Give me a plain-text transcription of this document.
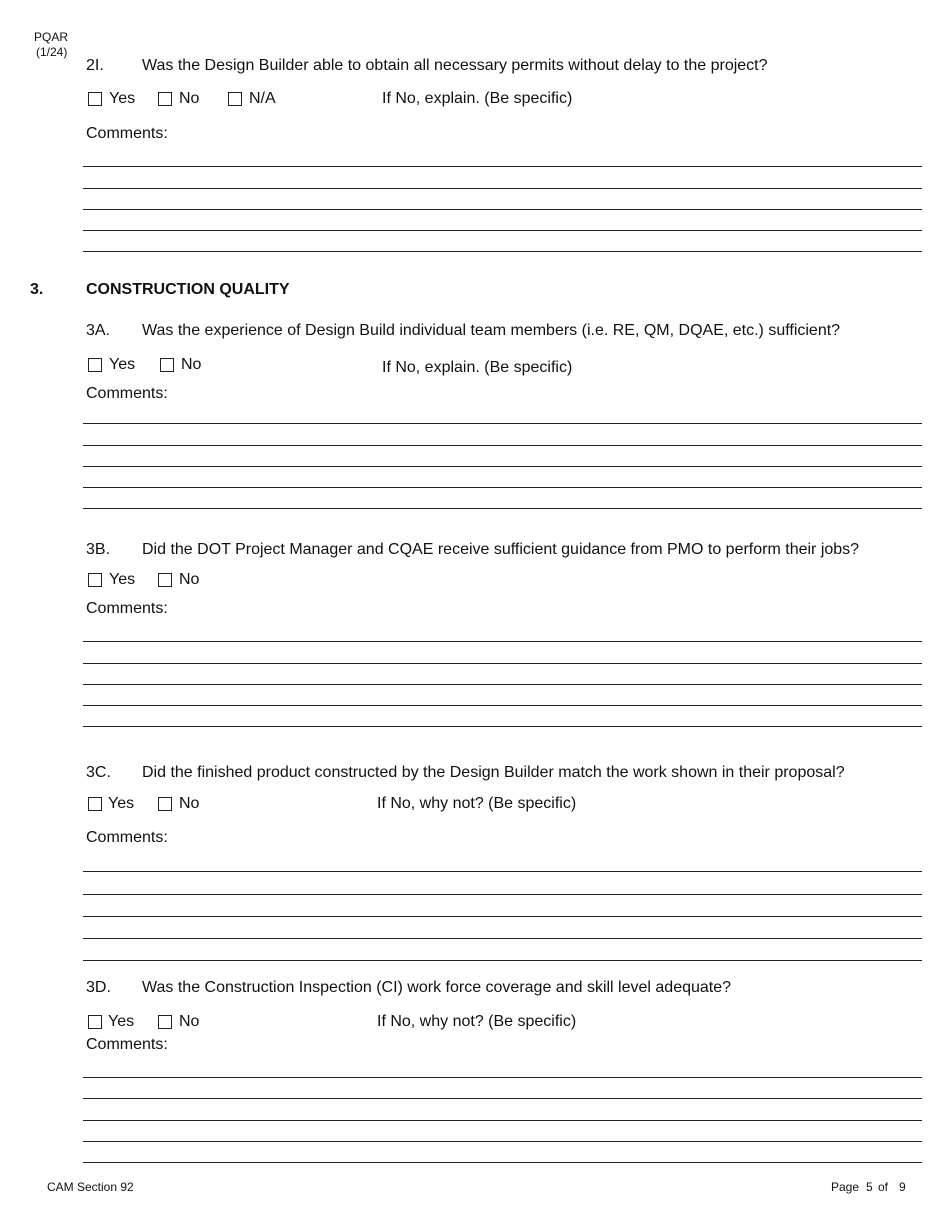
PQAR
(1/24)
2I. Was the Design Builder able to obtain all necessary permits without delay to the project?
Yes	No	N/A	If No, explain. (Be specific)
Comments:
3.	CONSTRUCTION QUALITY
3A. Was the experience of Design Build individual team members (i.e. RE, QM, DQAE, etc.) sufficient?
Yes	No	If No, explain. (Be specific)
Comments:
3B. Did the DOT Project Manager and CQAE receive sufficient guidance from PMO to perform their jobs?
Yes	No
Comments:
3C. Did the finished product constructed by the Design Builder match the work shown in their proposal?
Yes	No	If No, why not? (Be specific)
Comments:
3D. Was the Construction Inspection (CI) work force coverage and skill level adequate?
Yes	No	If No, why not? (Be specific)
Comments:
CAM Section 92	Page 5 of 9
